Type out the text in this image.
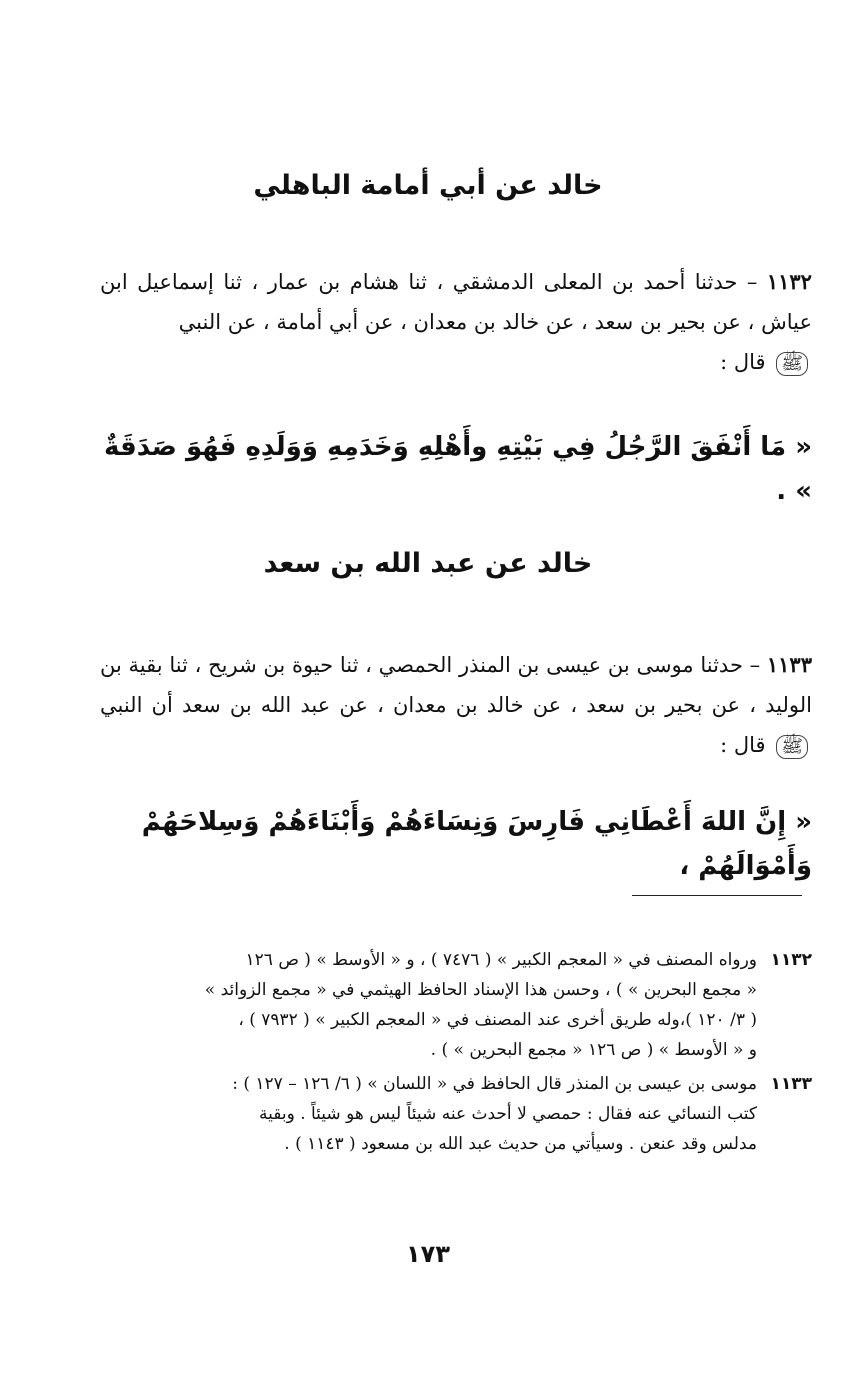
خالد عن أبي أمامة الباهلي
١١٣٢ – حدثنا أحمد بن المعلى الدمشقي ، ثنا هشام بن عمار ، ثنا إسماعيل ابن عياش ، عن بحير بن سعد ، عن خالد بن معدان ، عن أبي أمامة ، عن النبي
ﷺ قال :
« مَا أَنْفَقَ الرَّجُلُ فِي بَيْتِهِ وأَهْلِهِ وَخَدَمِهِ وَوَلَدِهِ فَهُوَ صَدَقَةٌ » .
خالد عن عبد الله بن سعد
١١٣٣ – حدثنا موسى بن عيسى بن المنذر الحمصي ، ثنا حيوة بن شريح ، ثنا بقية بن الوليد ، عن بحير بن سعد ، عن خالد بن معدان ، عن عبد الله بن سعد أن النبي ﷺ قال :
« إِنَّ اللهَ أَعْطَانِي فَارِسَ وَنِسَاءَهُمْ وَأَبْنَاءَهُمْ وَسِلاحَهُمْ وَأَمْوَالَهُمْ ،
١١٣٢
ورواه المصنف في « المعجم الكبير » ( ٧٤٧٦ ) ، و « الأوسط » ( ص ١٢٦
« مجمع البحرين » ) ، وحسن هذا الإسناد الحافظ الهيثمي في « مجمع الزوائد »
( ٣/ ١٢٠ )،وله طريق أخرى عند المصنف في « المعجم الكبير » ( ٧٩٣٢ ) ،
و « الأوسط » ( ص ١٢٦ « مجمع البحرين » ) .
١١٣٣
موسى بن عيسى بن المنذر قال الحافظ في « اللسان » ( ٦/ ١٢٦ – ١٢٧ ) :
كتب النسائي عنه فقال : حمصي لا أحدث عنه شيئاً ليس هو شيئاً . وبقية
مدلس وقد عنعن . وسيأتي من حديث عبد الله بن مسعود ( ١١٤٣ ) .
١٧٣
